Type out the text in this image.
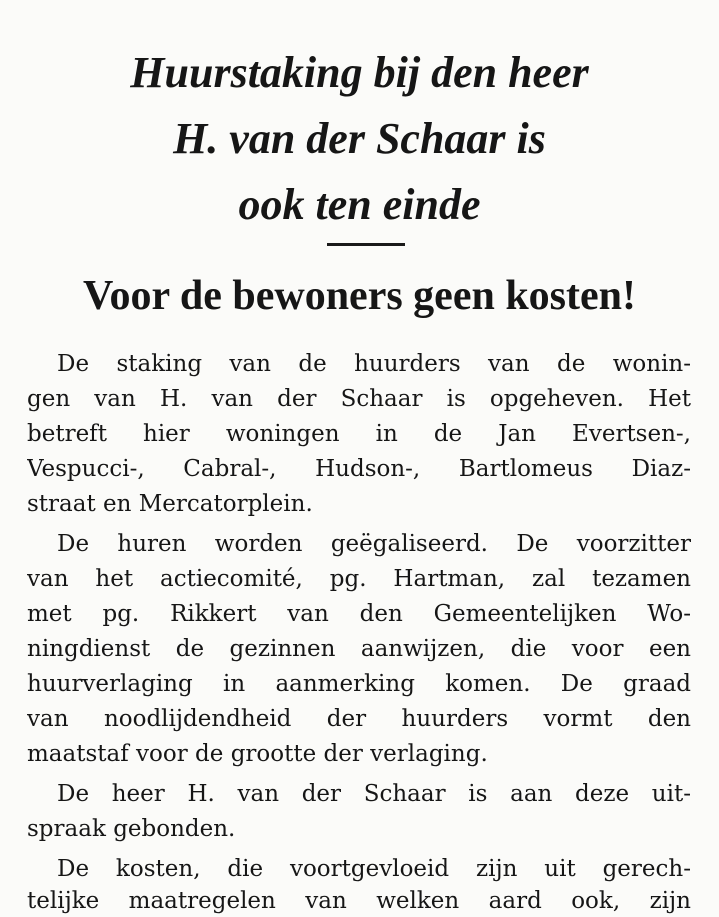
Huurstaking bij den heer
H. van der Schaar is
ook ten einde
Voor de bewoners geen kosten!
De staking van de huurders van de wonin-
gen van H. van der Schaar is opgeheven. Het
betreft hier woningen in de Jan Evertsen-,
Vespucci-, Cabral-, Hudson-, Bartlomeus Diaz-
straat en Mercatorplein.
De huren worden geëgaliseerd. De voorzitter
van het actiecomité, pg. Hartman, zal tezamen
met pg. Rikkert van den Gemeentelijken Wo-
ningdienst de gezinnen aanwijzen, die voor een
huurverlaging in aanmerking komen. De graad
van noodlijdendheid der huurders vormt den
maatstaf voor de grootte der verlaging.
De heer H. van der Schaar is aan deze uit-
spraak gebonden.
De kosten, die voortgevloeid zijn uit gerech-
telijke maatregelen van welken aard ook, zijn
